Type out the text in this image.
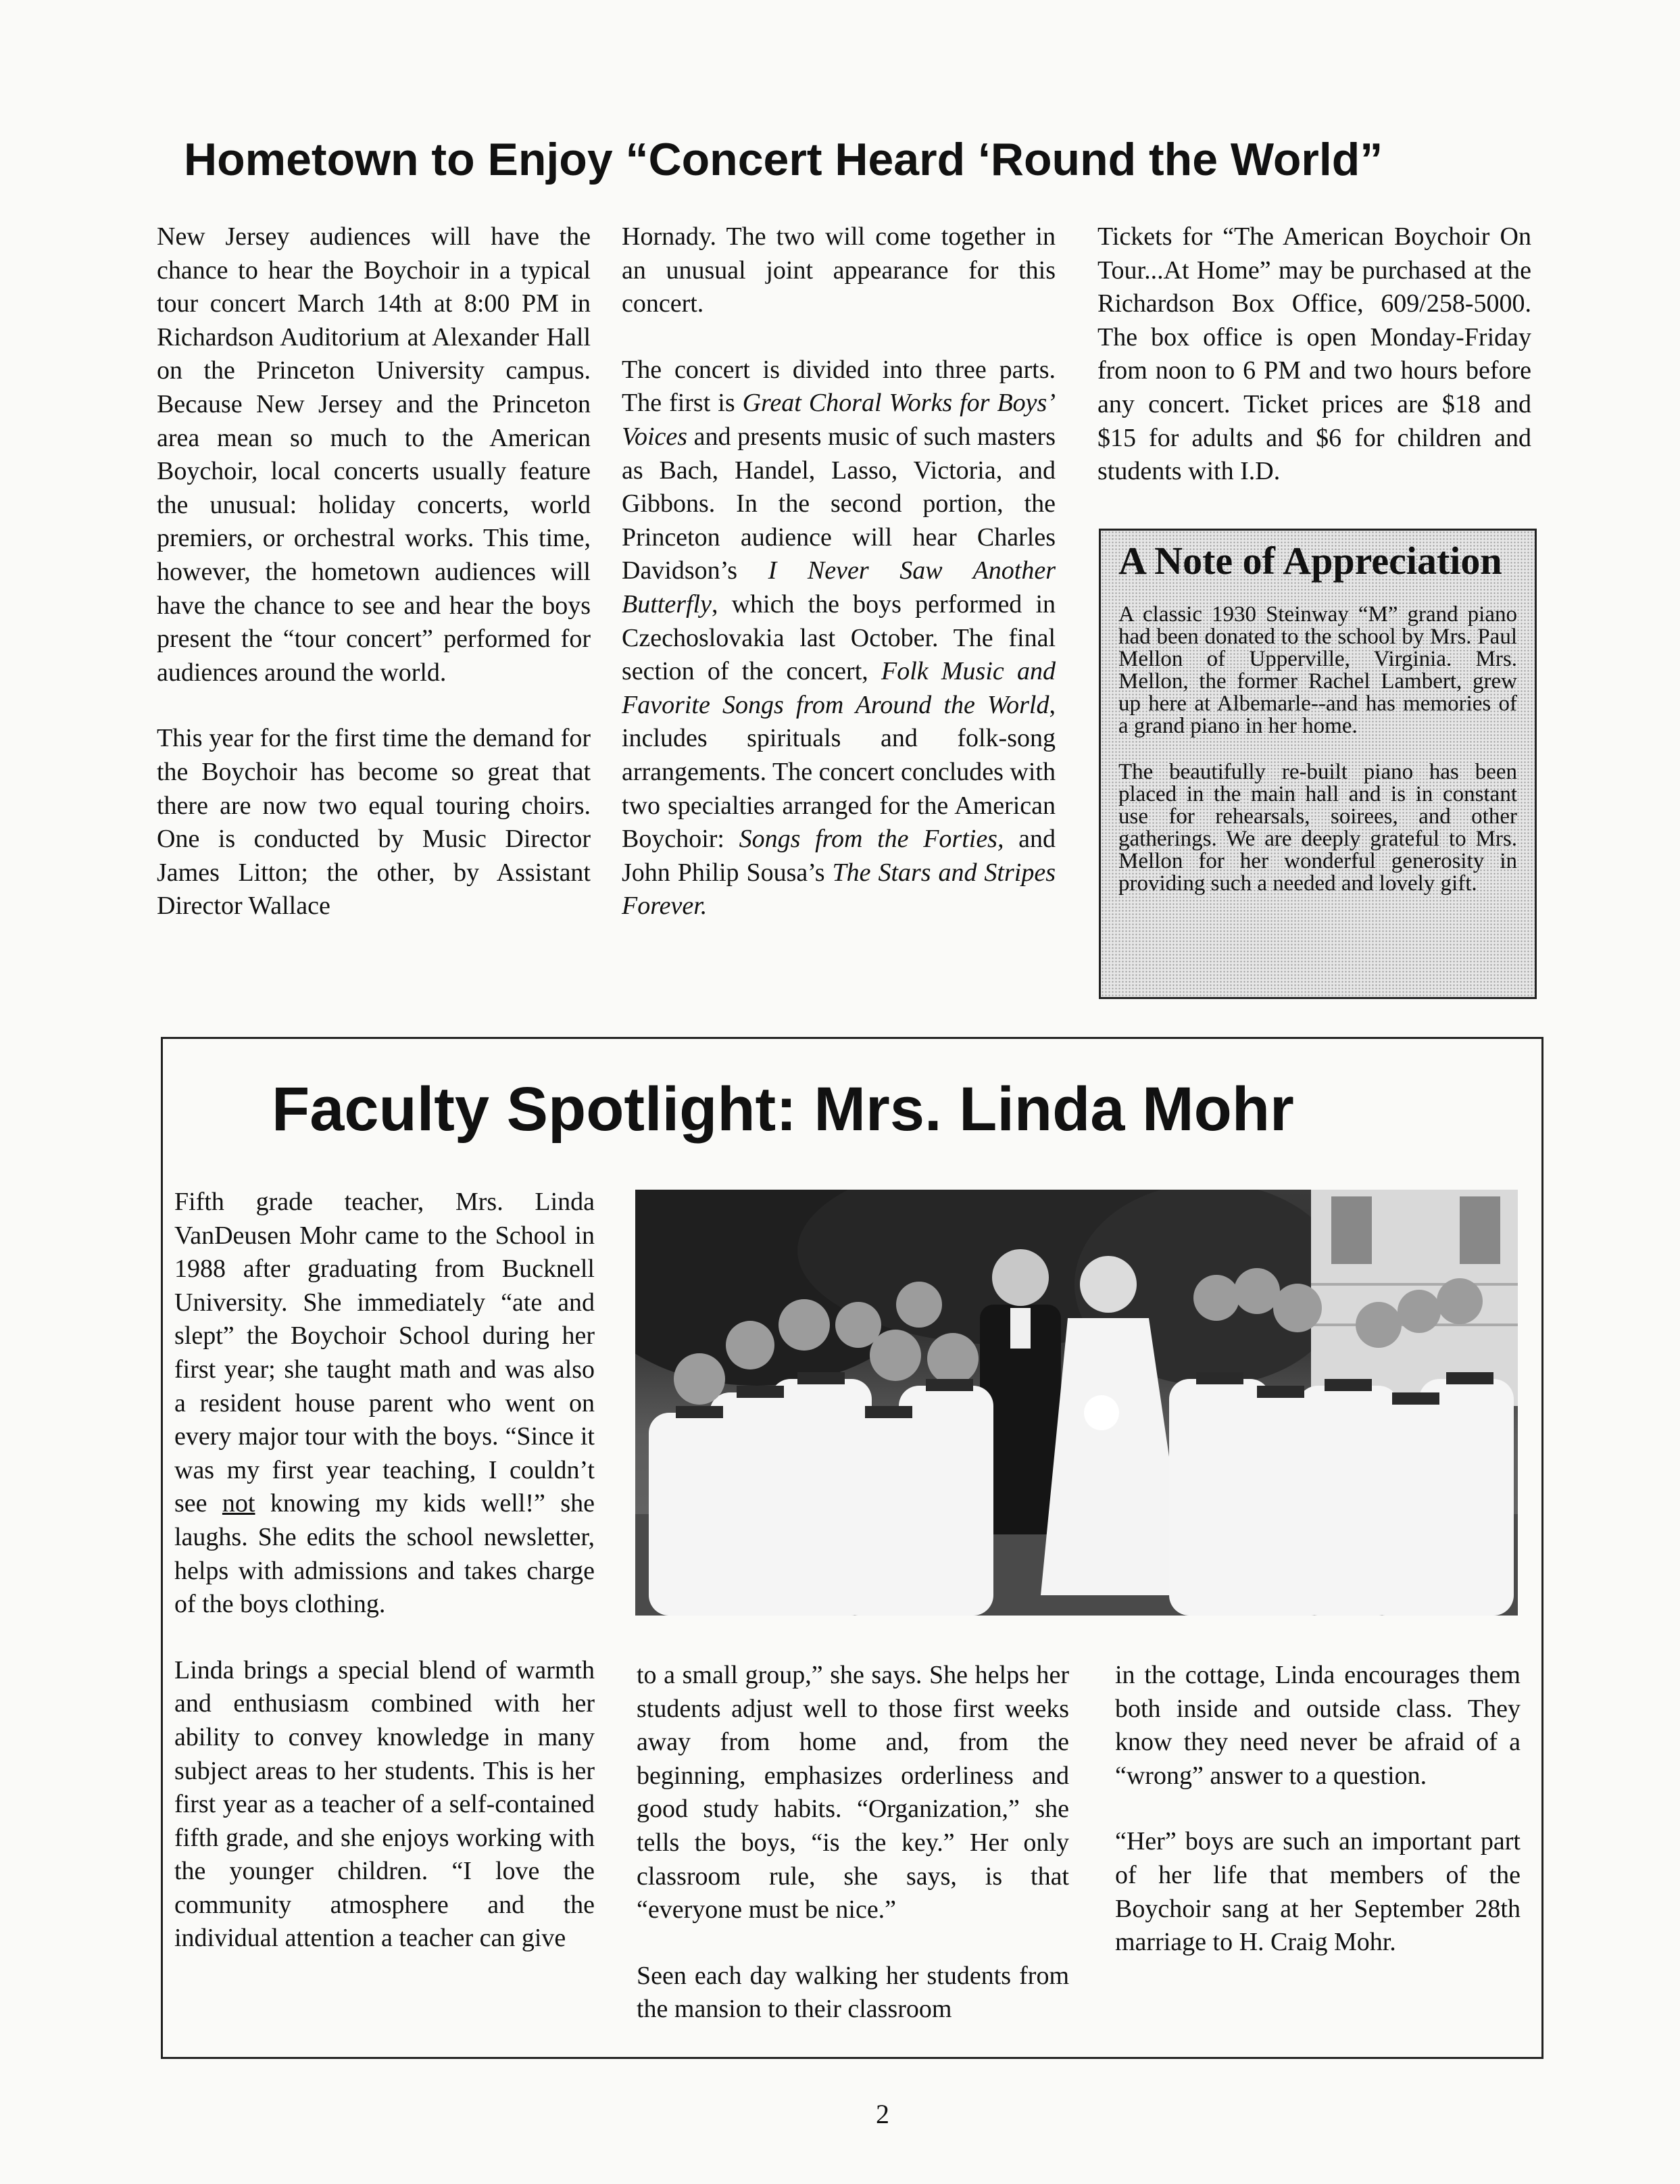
Hometown to Enjoy “Concert Heard ‘Round the World”

New Jersey audiences will have the chance to hear the Boychoir in a typical tour concert March 14th at 8:00 PM in Richardson Auditorium at Alexander Hall on the Princeton University campus. Because New Jersey and the Princeton area mean so much to the American Boychoir, local concerts usually feature the unusual: holiday concerts, world premiers, or orchestral works. This time, however, the hometown audiences will have the chance to see and hear the boys present the “tour concert” performed for audiences around the world.

This year for the first time the demand for the Boychoir has become so great that there are now two equal touring choirs. One is conducted by Music Director James Litton; the other, by Assistant Director Wallace

Hornady. The two will come together in an unusual joint appearance for this concert.

The concert is divided into three parts. The first is Great Choral Works for Boys’ Voices and presents music of such masters as Bach, Handel, Lasso, Victoria, and Gibbons. In the second portion, the Princeton audience will hear Charles Davidson’s I Never Saw Another Butterfly, which the boys performed in Czechoslovakia last October. The final section of the concert, Folk Music and Favorite Songs from Around the World, includes spirituals and folk-song arrangements. The concert concludes with two specialties arranged for the American Boychoir: Songs from the Forties, and John Philip Sousa’s The Stars and Stripes Forever.

Tickets for “The American Boychoir On Tour...At Home” may be purchased at the Richardson Box Office, 609/258-5000. The box office is open Monday-Friday from noon to 6 PM and two hours before any concert. Ticket prices are $18 and $15 for adults and $6 for children and students with I.D.

A Note of Appreciation

A classic 1930 Steinway “M” grand piano had been donated to the school by Mrs. Paul Mellon of Upperville, Virginia. Mrs. Mellon, the former Rachel Lambert, grew up here at Albemarle--and has memories of a grand piano in her home.

The beautifully re-built piano has been placed in the main hall and is in constant use for rehearsals, soirees, and other gatherings. We are deeply grateful to Mrs. Mellon for her wonderful generosity in providing such a needed and lovely gift.

Faculty Spotlight: Mrs. Linda Mohr

Fifth grade teacher, Mrs. Linda VanDeusen Mohr came to the School in 1988 after graduating from Bucknell University. She immediately “ate and slept” the Boychoir School during her first year; she taught math and was also a resident house parent who went on every major tour with the boys. “Since it was my first year teaching, I couldn’t see not knowing my kids well!” she laughs. She edits the school newsletter, helps with admissions and takes charge of the boys clothing.

Linda brings a special blend of warmth and enthusiasm combined with her ability to convey knowledge in many subject areas to her students. This is her first year as a teacher of a self-contained fifth grade, and she enjoys working with the younger children. “I love the community atmosphere and the individual attention a teacher can give

to a small group,” she says. She helps her students adjust well to those first weeks away from home and, from the beginning, emphasizes orderliness and good study habits. “Organization,” she tells the boys, “is the key.” Her only classroom rule, she says, is that “everyone must be nice.”

Seen each day walking her students from the mansion to their classroom

in the cottage, Linda encourages them both inside and outside class. They know they need never be afraid of a “wrong” answer to a question.

“Her” boys are such an important part of her life that members of the Boychoir sang at her September 28th marriage to H. Craig Mohr.

2
